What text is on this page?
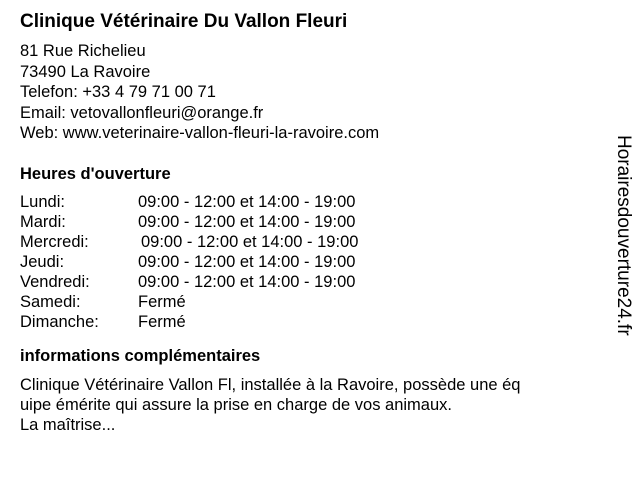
Clinique Vétérinaire Du Vallon Fleuri
81 Rue Richelieu
73490 La Ravoire
Telefon: +33 4 79 71 00 71
Email: vetovallonfleuri@orange.fr
Web: www.veterinaire-vallon-fleuri-la-ravoire.com
Heures d'ouverture
Lundi:	09:00 - 12:00 et 14:00 - 19:00
Mardi:	09:00 - 12:00 et 14:00 - 19:00
Mercredi:	09:00 - 12:00 et 14:00 - 19:00
Jeudi:	09:00 - 12:00 et 14:00 - 19:00
Vendredi:	09:00 - 12:00 et 14:00 - 19:00
Samedi:	Fermé
Dimanche:	Fermé
informations complémentaires
Clinique Vétérinaire Vallon Fl, installée à la Ravoire, possède une éq
uipe émérite qui assure la prise en charge de vos animaux.
La maîtrise...
Horairesdouverture24.fr
